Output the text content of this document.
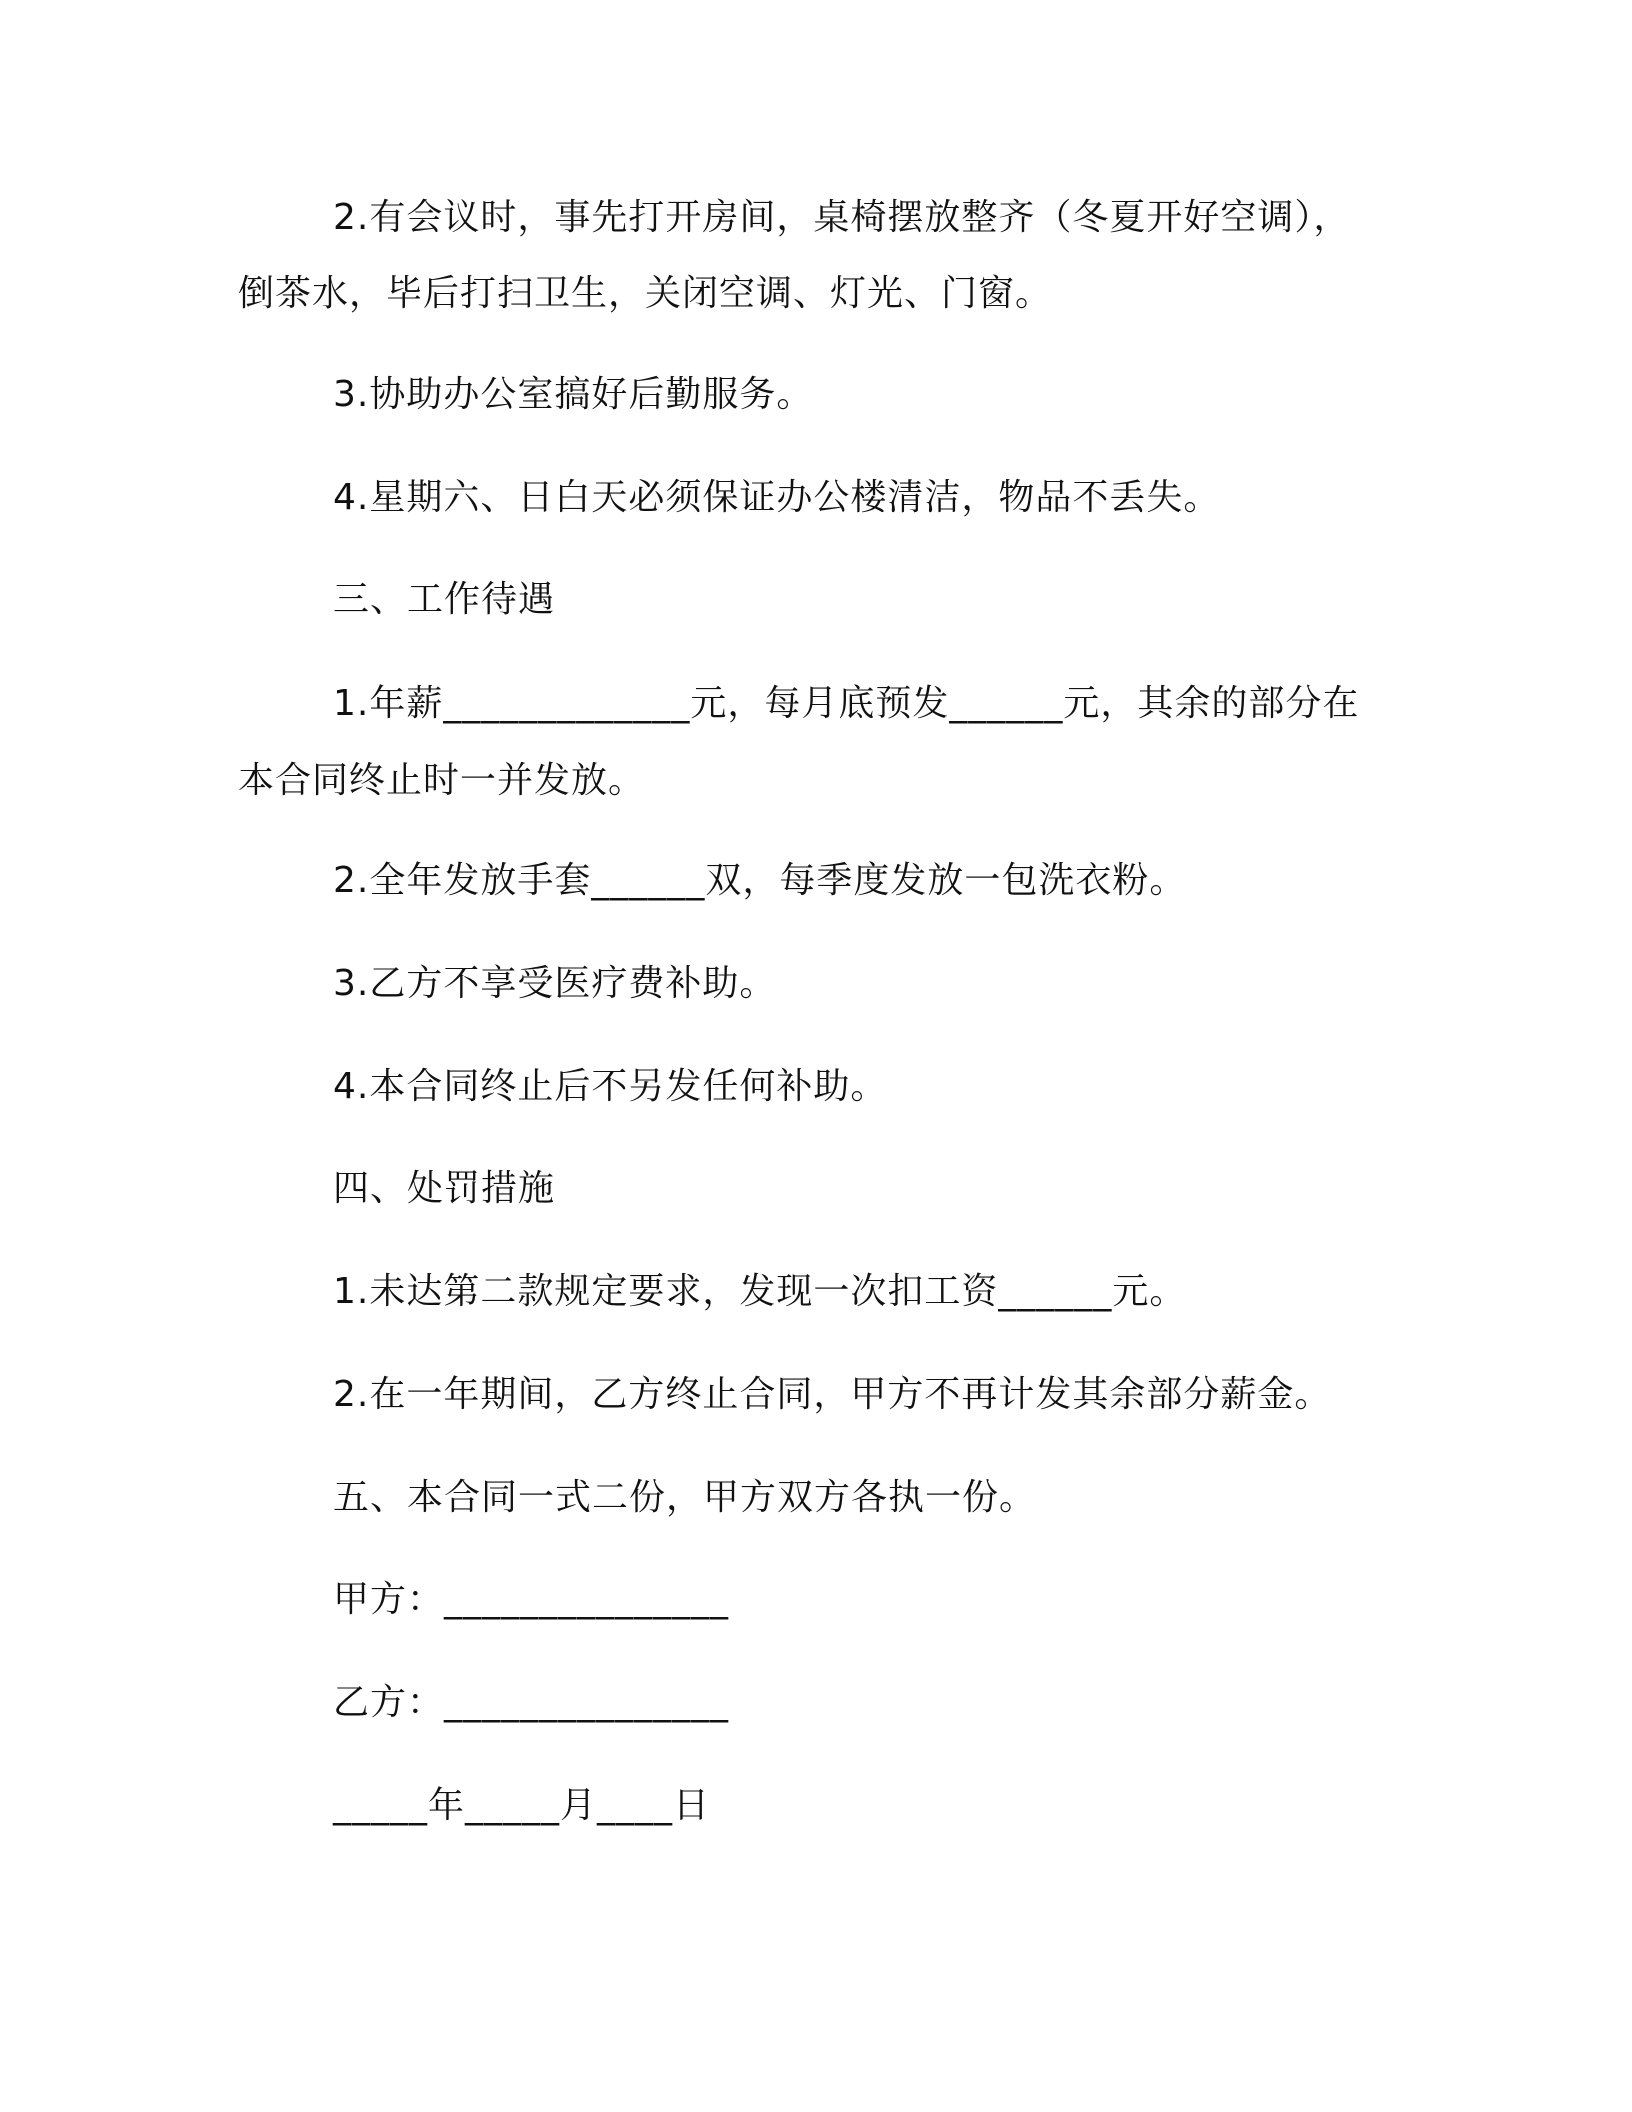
2.有会议时，事先打开房间，桌椅摆放整齐（冬夏开好空调），
倒茶水，毕后打扫卫生，关闭空调、灯光、门窗。
3.协助办公室搞好后勤服务。
4.星期六、日白天必须保证办公楼清洁，物品不丢失。
三、工作待遇
1.年薪_____________元，每月底预发______元，其余的部分在
本合同终止时一并发放。
2.全年发放手套______双，每季度发放一包洗衣粉。
3.乙方不享受医疗费补助。
4.本合同终止后不另发任何补助。
四、处罚措施
1.未达第二款规定要求，发现一次扣工资______元。
2.在一年期间，乙方终止合同，甲方不再计发其余部分薪金。
五、本合同一式二份，甲方双方各执一份。
甲方：_______________
乙方：_______________
_____年_____月____日
